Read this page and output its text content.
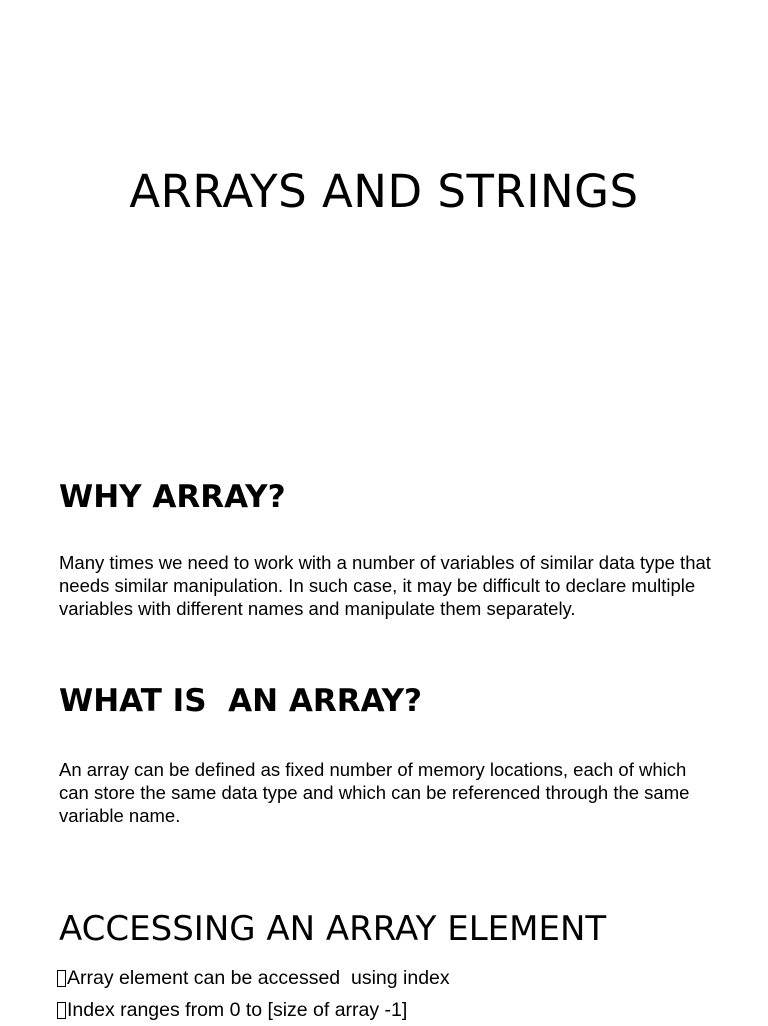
ARRAYS AND STRINGS
WHY ARRAY?

Many times we need to work with a number of variables of similar data type that needs similar manipulation. In such case, it may be difficult to declare multiple variables with different names and manipulate them separately.

WHAT IS  AN ARRAY?

An array can be defined as fixed number of memory locations, each of which can store the same data type and which can be referenced through the same variable name.

ACCESSING AN ARRAY ELEMENT
Array element can be accessed  using index
Index ranges from 0 to [size of array -1]
